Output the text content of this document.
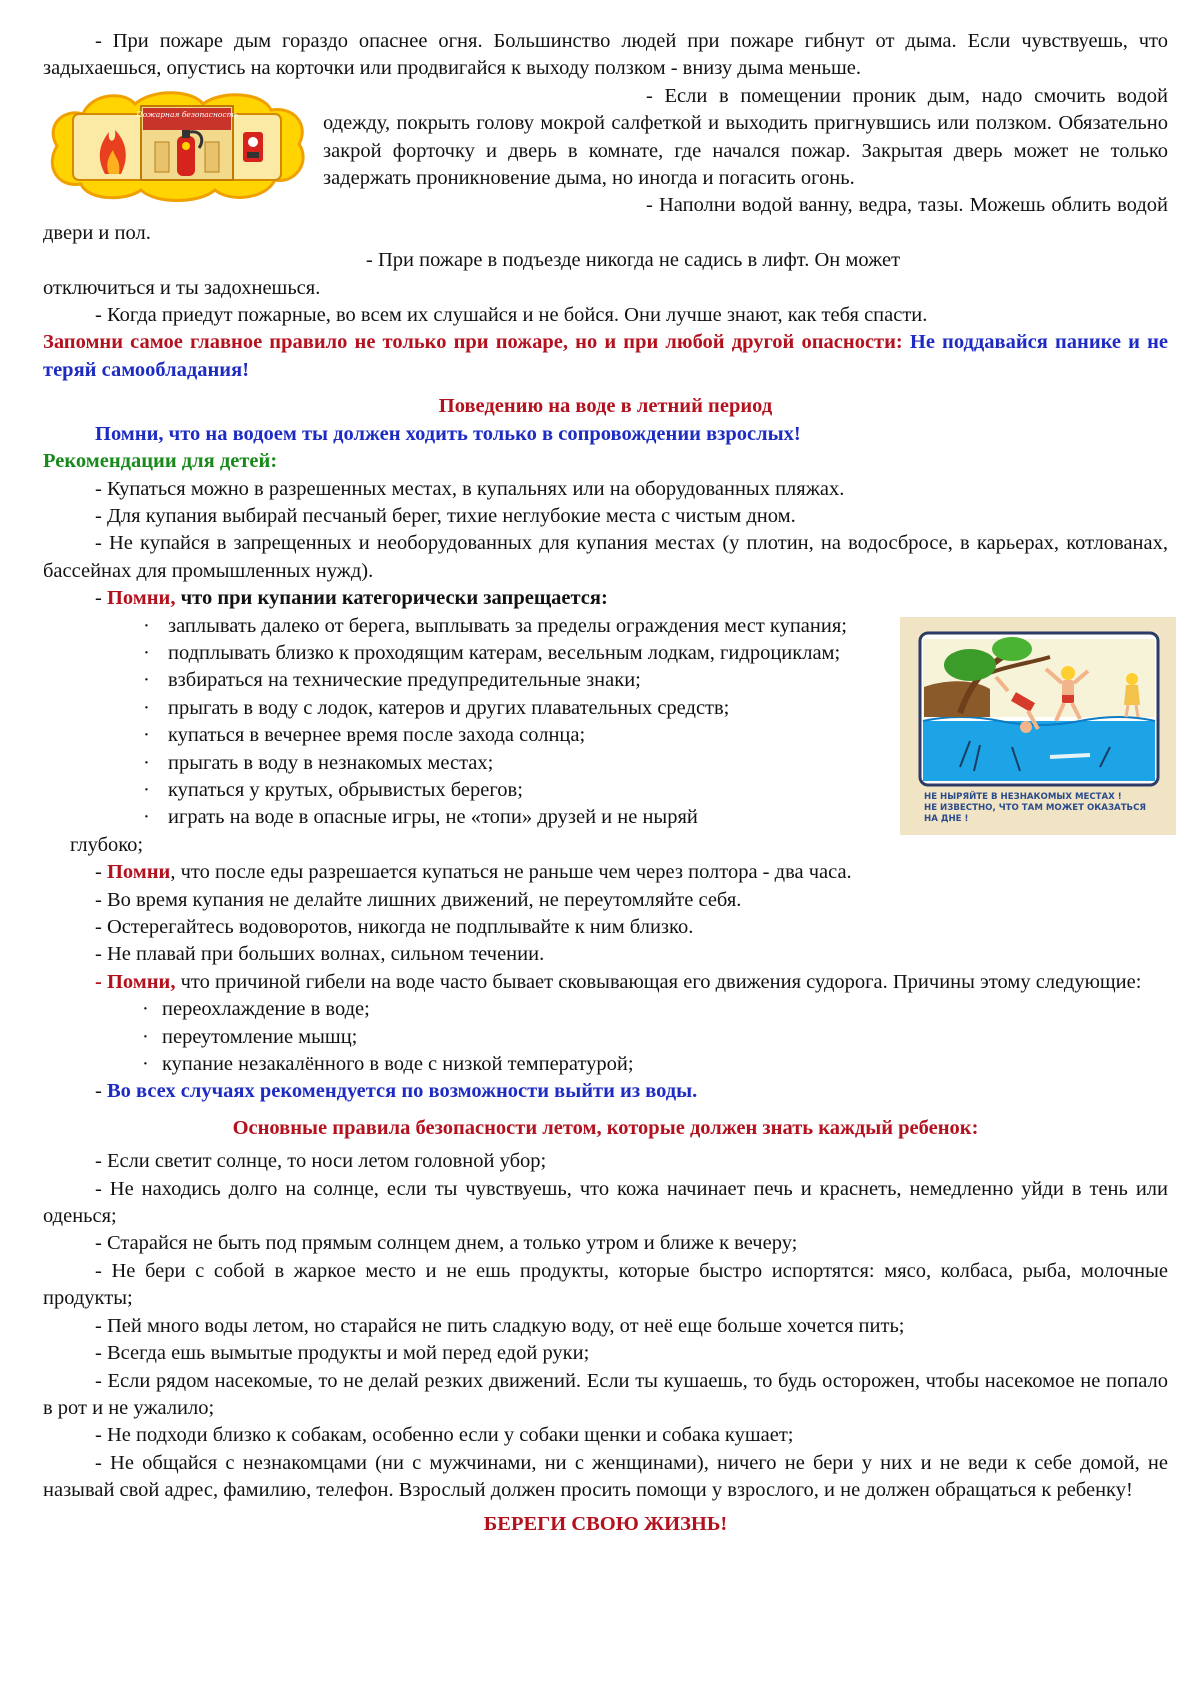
- При пожаре дым гораздо опаснее огня. Большинство людей при пожаре гибнут от дыма. Если чувствуешь, что задыхаешься, опустись на корточки или продвигайся к выходу ползком - внизу дыма меньше.

Пожарная безопасность

- Если в помещении проник дым, надо смочить водой одежду, покрыть голову мокрой салфеткой и выходить пригнувшись или ползком. Обязательно закрой форточку и дверь в комнате, где начался пожар. Закрытая дверь может не только задержать проникновение дыма, но иногда и погасить огонь.

- Наполни водой ванну, ведра, тазы. Можешь облить водой двери и пол.

- При пожаре в подъезде никогда не садись в лифт. Он может

отключиться и ты задохнешься.

- Когда приедут пожарные, во всем их слушайся и не бойся. Они лучше знают, как тебя спасти.

Запомни самое главное правило не только при пожаре, но и при любой другой опасности: Не поддавайся панике и не теряй самообладания!

Поведению на воде в летний период

Помни, что на водоем ты должен ходить только в сопровождении взрослых!

Рекомендации для детей:

- Купаться можно в разрешенных местах, в купальнях или на оборудованных пляжах.

- Для купания выбирай песчаный берег, тихие неглубокие места с чистым дном.

- Не купайся в запрещенных и необорудованных для купания местах (у плотин, на водосбросе, в карьерах, котлованах, бассейнах для промышленных нужд).

- Помни, что при купании категорически запрещается:

НЕ НЫРЯЙТЕ В НЕЗНАКОМЫХ МЕСТАХ !
НЕ ИЗВЕСТНО, ЧТО ТАМ МОЖЕТ ОКАЗАТЬСЯ
НА ДНЕ !

· заплывать далеко от берега, выплывать за пределы ограждения мест купания;

· подплывать близко к проходящим катерам, весельным лодкам, гидроциклам;

· взбираться на технические предупредительные знаки;

· прыгать в воду с лодок, катеров и других плавательных средств;

· купаться в вечернее время после захода солнца;

· прыгать в воду в незнакомых местах;

· купаться у крутых, обрывистых берегов;

· играть на воде в опасные игры, не «топи» друзей и не ныряй

глубоко;

- Помни, что после еды разрешается купаться не раньше чем через полтора - два часа.

- Во время купания не делайте лишних движений, не переутомляйте себя.

- Остерегайтесь водоворотов, никогда не подплывайте к ним близко.

- Не плавай при больших волнах, сильном течении.

- Помни, что причиной гибели на воде часто бывает сковывающая его движения судорога. Причины этому следующие:

· переохлаждение в воде;

· переутомление мышц;

· купание незакалённого в воде с низкой температурой;

- Во всех случаях рекомендуется по возможности выйти из воды.

Основные правила безопасности летом, которые должен знать каждый ребенок:

- Если светит солнце, то носи летом головной убор;

- Не находись долго на солнце, если ты чувствуешь, что кожа начинает печь и краснеть, немедленно уйди в тень или оденься;

- Старайся не быть под прямым солнцем днем, а только утром и ближе к вечеру;

- Не бери с собой в жаркое место и не ешь продукты, которые быстро испортятся: мясо, колбаса, рыба, молочные продукты;

- Пей много воды летом, но старайся не пить сладкую воду, от неё еще больше хочется пить;

- Всегда ешь вымытые продукты и мой перед едой руки;

- Если рядом насекомые, то не делай резких движений. Если ты кушаешь, то будь осторожен, чтобы насекомое не попало в рот и не ужалило;

- Не подходи близко к собакам, особенно если у собаки щенки и собака кушает;

- Не общайся с незнакомцами (ни с мужчинами, ни с женщинами), ничего не бери у них и не веди к себе домой, не называй свой адрес, фамилию, телефон. Взрослый должен просить помощи у взрослого, и не должен обращаться к ребенку!

БЕРЕГИ СВОЮ ЖИЗНЬ!
